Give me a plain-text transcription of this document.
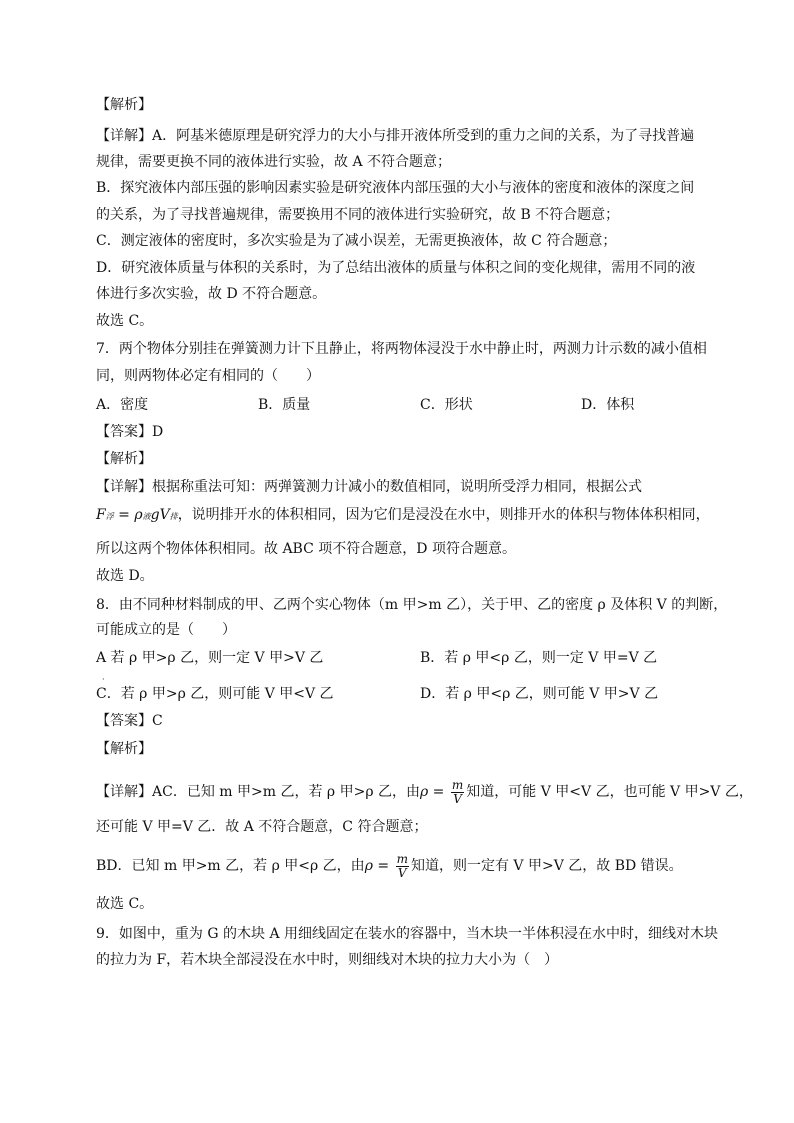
【解析】
【详解】A．阿基米德原理是研究浮力的大小与排开液体所受到的重力之间的关系，为了寻找普遍
规律，需要更换不同的液体进行实验，故 A 不符合题意；
B．探究液体内部压强的影响因素实验是研究液体内部压强的大小与液体的密度和液体的深度之间
的关系，为了寻找普遍规律，需要换用不同的液体进行实验研究，故 B 不符合题意；
C．测定液体的密度时，多次实验是为了减小误差，无需更换液体，故 C 符合题意；
D．研究液体质量与体积的关系时，为了总结出液体的质量与体积之间的变化规律，需用不同的液
体进行多次实验，故 D 不符合题意。
故选 C。
7．两个物体分别挂在弹簧测力计下且静止，将两物体浸没于水中静止时，两测力计示数的减小值相
同，则两物体必定有相同的（　　）
A．密度	B．质量	C．形状	D．体积
【答案】D
【解析】
【详解】根据称重法可知：两弹簧测力计减小的数值相同，说明所受浮力相同，根据公式
F浮 = ρ液gV排，说明排开水的体积相同，因为它们是浸没在水中，则排开水的体积与物体体积相同，
所以这两个物体体积相同。故 ABC 项不符合题意，D 项符合题意。
故选 D。
8．由不同种材料制成的甲、乙两个实心物体（m 甲>m 乙），关于甲、乙的密度 ρ 及体积 V 的判断，
可能成立的是（　　）
A 若 ρ 甲>ρ 乙，则一定 V 甲>V 乙
·
B．若 ρ 甲<ρ 乙，则一定 V 甲=V 乙
C．若 ρ 甲>ρ 乙，则可能 V 甲<V 乙	D．若 ρ 甲<ρ 乙，则可能 V 甲>V 乙
【答案】C
【解析】
【详解】AC．已知 m 甲>m 乙，若 ρ 甲>ρ 乙，由$\rho = \frac{m}{V}$ 知道，可能 V 甲<V 乙，也可能 V 甲>V 乙，
还可能 V 甲=V 乙．故 A 不符合题意，C 符合题意；
BD．已知 m 甲>m 乙，若 ρ 甲<ρ 乙，由$\rho = \frac{m}{V}$ 知道，则一定有 V 甲>V 乙，故 BD 错误。
故选 C。
9．如图中，重为 G 的木块 A 用细线固定在装水的容器中，当木块一半体积浸在水中时，细线对木块
的拉力为 F，若木块全部浸没在水中时，则细线对木块的拉力大小为（　）
